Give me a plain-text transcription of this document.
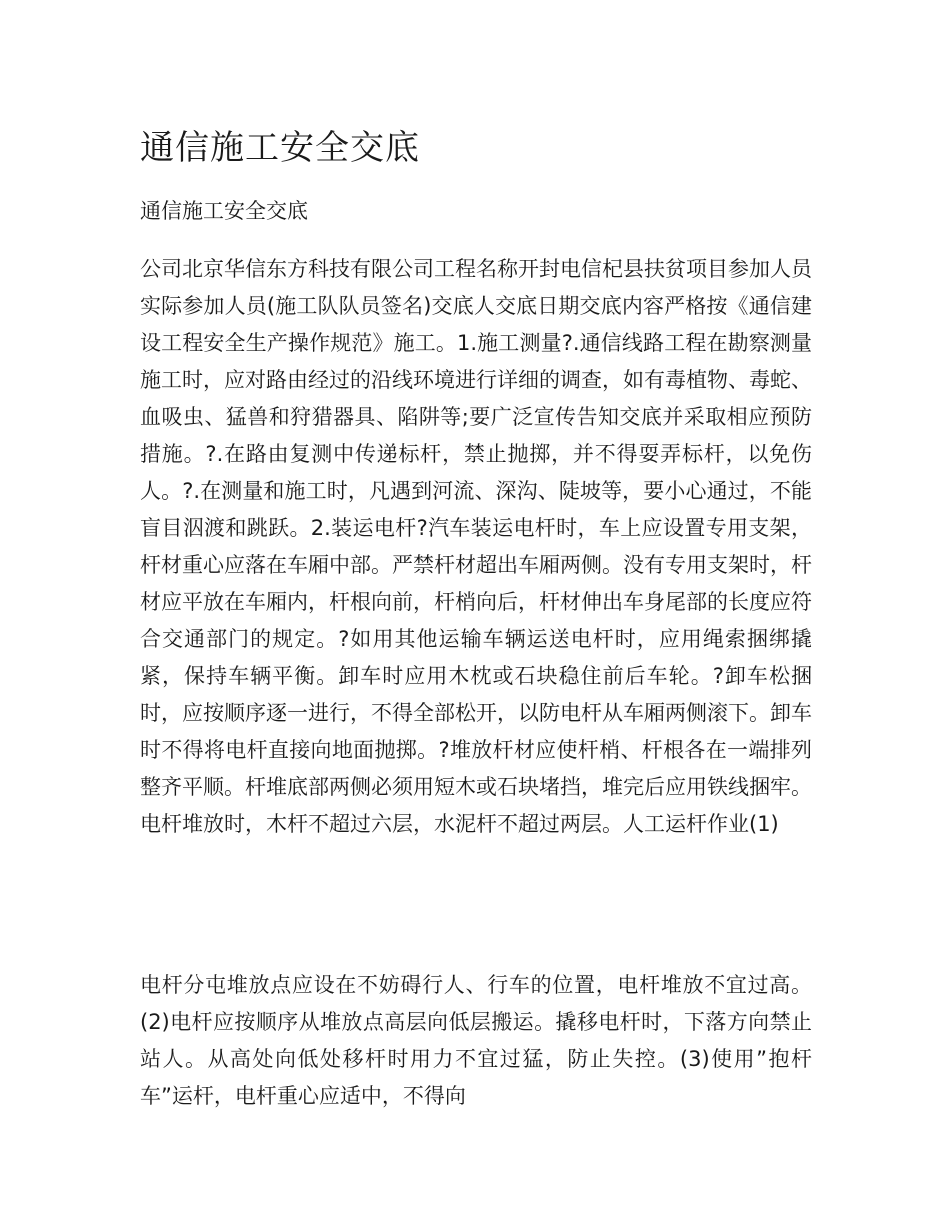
通信施工安全交底
通信施工安全交底

公司北京华信东方科技有限公司工程名称开封电信杞县扶贫项目参加人员实际参加人员(施工队队员签名)交底人交底日期交底内容严格按《通信建设工程安全生产操作规范》施工。1.施工测量?.通信线路工程在勘察测量施工时，应对路由经过的沿线环境进行详细的调查，如有毒植物、毒蛇、血吸虫、猛兽和狩猎器具、陷阱等;要广泛宣传告知交底并采取相应预防措施。?.在路由复测中传递标杆，禁止抛掷，并不得耍弄标杆，以免伤人。?.在测量和施工时，凡遇到河流、深沟、陡坡等，要小心通过，不能盲目泅渡和跳跃。2.装运电杆?汽车装运电杆时，车上应设置专用支架，杆材重心应落在车厢中部。严禁杆材超出车厢两侧。没有专用支架时，杆材应平放在车厢内，杆根向前，杆梢向后，杆材伸出车身尾部的长度应符合交通部门的规定。?如用其他运输车辆运送电杆时，应用绳索捆绑撬紧，保持车辆平衡。卸车时应用木枕或石块稳住前后车轮。?卸车松捆时，应按顺序逐一进行，不得全部松开，以防电杆从车厢两侧滚下。卸车时不得将电杆直接向地面抛掷。?堆放杆材应使杆梢、杆根各在一端排列整齐平顺。杆堆底部两侧必须用短木或石块堵挡，堆完后应用铁线捆牢。电杆堆放时，木杆不超过六层，水泥杆不超过两层。人工运杆作业(1)

电杆分屯堆放点应设在不妨碍行人、行车的位置，电杆堆放不宜过高。(2)电杆应按顺序从堆放点高层向低层搬运。撬移电杆时，下落方向禁止站人。从高处向低处移杆时用力不宜过猛，防止失控。(3)使用”抱杆车”运杆，电杆重心应适中，不得向
